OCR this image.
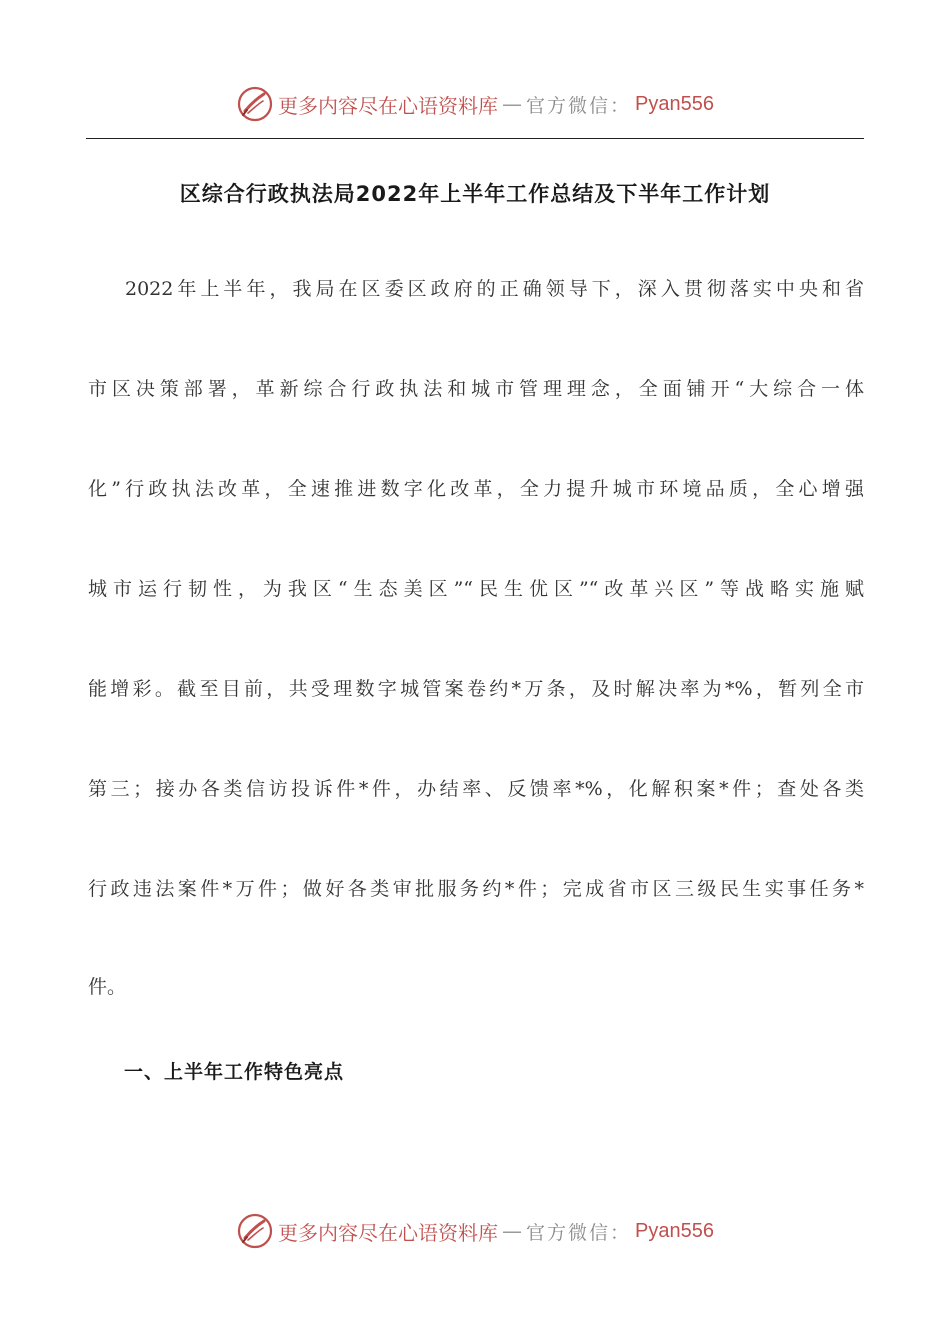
更多内容尽在心语资料库 — 官方微信： Pyan556
区综合行政执法局2022年上半年工作总结及下半年工作计划

2022年上半年，我局在区委区政府的正确领导下，深入贯彻落实中央和省

市区决策部署，革新综合行政执法和城市管理理念，全面铺开“大综合一体

化”行政执法改革，全速推进数字化改革，全力提升城市环境品质，全心增强

城市运行韧性，为我区“生态美区”“民生优区”“改革兴区”等战略实施赋

能增彩。截至目前，共受理数字城管案卷约*万条，及时解决率为*%，暂列全市

第三；接办各类信访投诉件*件，办结率、反馈率*%，化解积案*件；查处各类

行政违法案件*万件；做好各类审批服务约*件；完成省市区三级民生实事任务*

件。

一、上半年工作特色亮点
更多内容尽在心语资料库 — 官方微信： Pyan556
